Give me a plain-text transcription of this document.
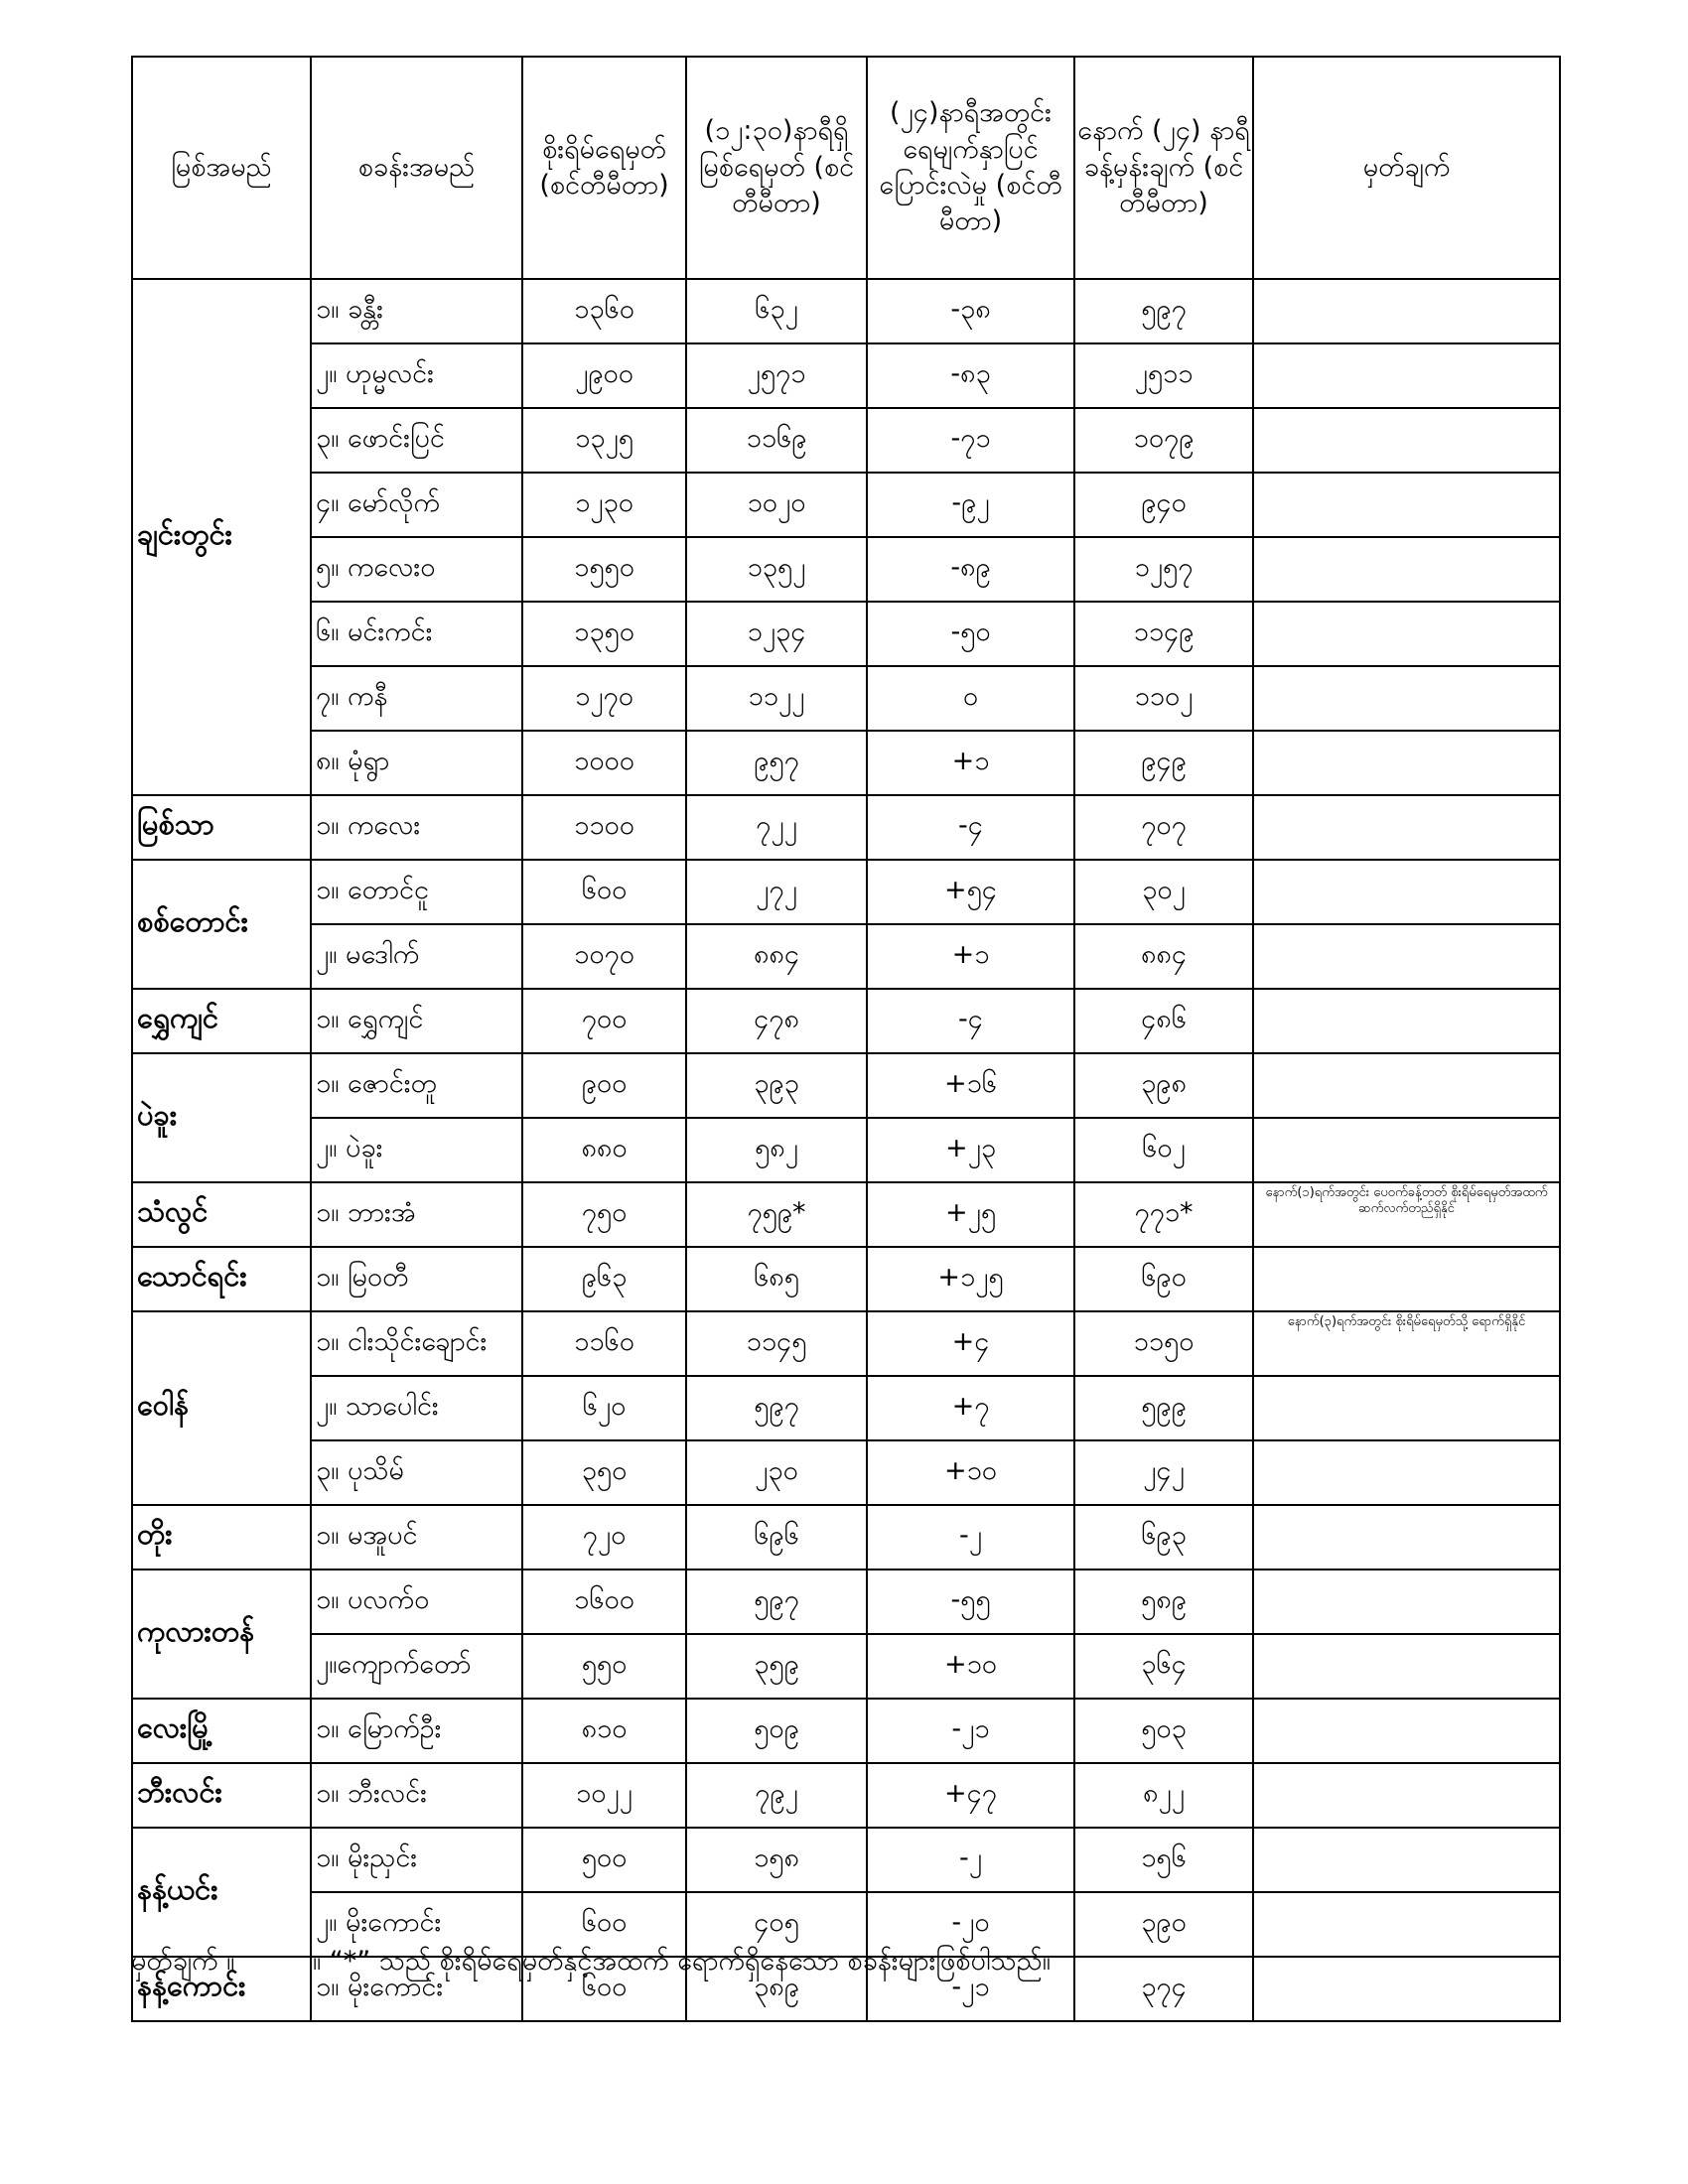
မြစ်အမည်	စခန်းအမည်	စိုးရိမ်ရေမှတ် (စင်တီမီတာ)	(၁၂:၃၀)နာရီရှိ မြစ်ရေမှတ် (စင်တီမီတာ)	(၂၄)နာရီအတွင်း ရေမျက်နှာပြင် ပြောင်းလဲမှု (စင်တီမီတာ)	နောက် (၂၄) နာရီ ခန့်မှန်းချက် (စင်တီမီတာ)	မှတ်ချက်
ချင်းတွင်း	၁။ ခန္တီး	၁၃၆၀	၆၃၂	-၃၈	၅၉၇	
	၂။ ဟုမ္မလင်း	၂၉၀၀	၂၅၇၁	-၈၃	၂၅၁၁	
	၃။ ဖောင်းပြင်	၁၃၂၅	၁၁၆၉	-၇၁	၁၀၇၉	
	၄။ မော်လိုက်	၁၂၃၀	၁၀၂၀	-၉၂	၉၄၀	
	၅။ ကလေးဝ	၁၅၅၀	၁၃၅၂	-၈၉	၁၂၅၇	
	၆။ မင်းကင်း	၁၃၅၀	၁၂၃၄	-၅၀	၁၁၄၉	
	၇။ ကနီ	၁၂၇၀	၁၁၂၂	၀	၁၁၀၂	
	၈။ မုံရွာ	၁၀၀၀	၉၅၇	+၁	၉၄၉	
မြစ်သာ	၁။ ကလေး	၁၁၀၀	၇၂၂	-၄	၇၀၇	
စစ်တောင်း	၁။ တောင်ငူ	၆၀၀	၂၇၂	+၅၄	၃၀၂	
	၂။ မဒေါက်	၁၀၇၀	၈၈၄	+၁	၈၈၄	
ရွှေကျင်	၁။ ရွှေကျင်	၇၀၀	၄၇၈	-၄	၄၈၆	
ပဲခူး	၁။ ဇောင်းတူ	၉၀၀	၃၉၃	+၁၆	၃၉၈	
	၂။ ပဲခူး	၈၈၀	၅၈၂	+၂၃	၆၀၂	
သံလွင်	၁။ ဘားအံ	၇၅၀	၇၅၉*	+၂၅	၇၇၁*	နောက်(၁)ရက်အတွင်း ပေ၀က်ခန့်တတ် စိုးရိမ်ရေမှတ်အထက် ဆက်လက်တည်ရှိနိုင်
သောင်ရင်း	၁။ မြဝတီ	၉၆၃	၆၈၅	+၁၂၅	၆၉၀	
ဝေါန်	၁။ ငါးသိုင်းချောင်း	၁၁၆၀	၁၁၄၅	+၄	၁၁၅၀	နောက်(၃)ရက်အတွင်း စိုးရိမ်ရေမှတ်သို့ ရောက်ရှိနိုင်
	၂။ သာပေါင်း	၆၂၀	၅၉၇	+၇	၅၉၉	
	၃။ ပုသိမ်	၃၅၀	၂၃၀	+၁၀	၂၄၂	
တိုး	၁။ မအူပင်	၇၂၀	၆၉၆	-၂	၆၉၃	
ကုလားတန်	၁။ ပလက်ဝ	၁၆၀၀	၅၉၇	-၅၅	၅၈၉	
	၂။ကျောက်တော်	၅၅၀	၃၅၉	+၁၀	၃၆၄	
လေးမြို့	၁။ မြောက်ဦး	၈၁၀	၅၀၉	-၂၁	၅၀၃	
ဘီးလင်း	၁။ ဘီးလင်း	၁၀၂၂	၇၉၂	+၄၇	၈၂၂	
နန့်ယင်း	၁။ မိုးညှင်း	၅၀၀	၁၅၈	-၂	၁၅၆	
	၂။ မိုးကောင်း	၆၀၀	၄၀၅	-၂၀	၃၉၀	
နန့်ကောင်း	၁။ မိုးကောင်း	၆၀၀	၃၈၉	-၂၁	၃၇၄	
မှတ်ချက် ။	။ “*” သည် စိုးရိမ်ရေမှတ်နှင့်အထက် ရောက်ရှိနေသော စခန်းများဖြစ်ပါသည်။
